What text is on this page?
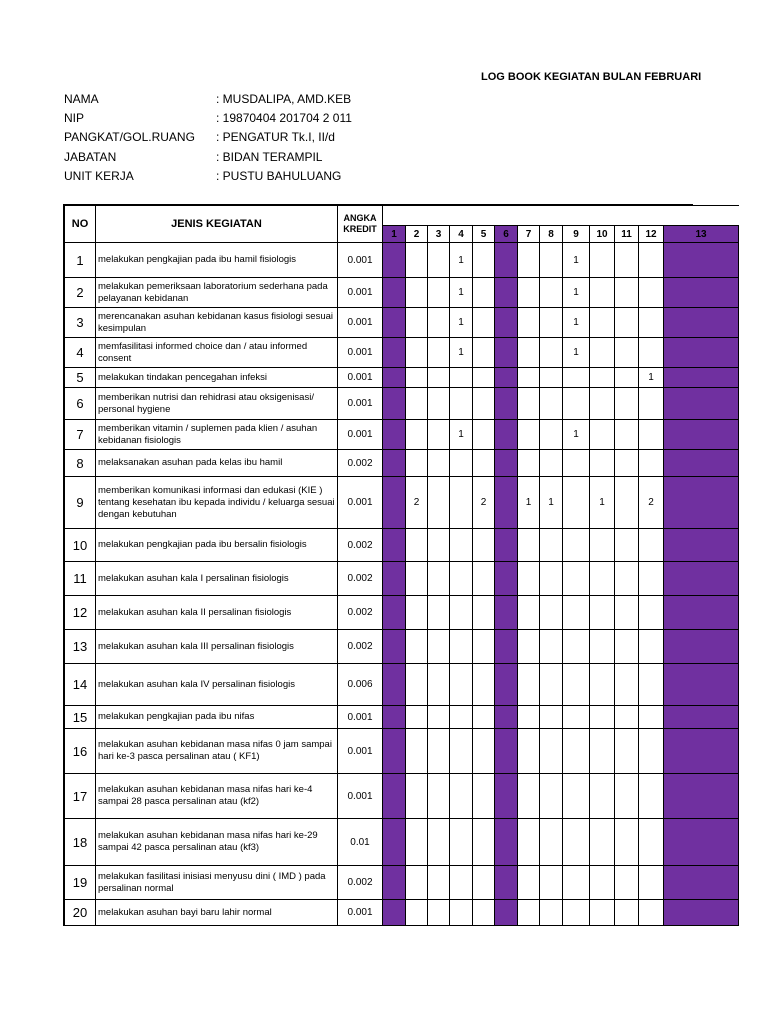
LOG BOOK KEGIATAN BULAN FEBRUARI
NAMA	: MUSDALIPA, AMD.KEB
NIP	: 19870404 201704 2 011
PANGKAT/GOL.RUANG : PENGATUR Tk.I, II/d
JABATAN	: BIDAN TERAMPIL
UNIT KERJA	: PUSTU BAHULUANG
NO	JENIS KEGIATAN	ANGKA KREDIT														
			1	2	3	4	5	6	7	8	9	10	11	12	13	
1	melakukan pengkajian pada ibu hamil fisiologis	0.001				1					1					
2	melakukan pemeriksaan laboratorium sederhana pada pelayanan kebidanan	0.001				1					1					
3	merencanakan asuhan kebidanan kasus fisiologi sesuai kesimpulan	0.001				1					1					
4	memfasilitasi informed choice dan / atau informed consent	0.001				1					1					
5	melakukan tindakan pencegahan infeksi	0.001												1		
6	memberikan nutrisi dan rehidrasi atau oksigenisasi/ personal hygiene	0.001														
7	memberikan vitamin / suplemen pada klien / asuhan kebidanan fisiologis	0.001				1					1					
8	melaksanakan asuhan pada kelas ibu hamil	0.002														
9	memberikan komunikasi informasi dan edukasi (KIE ) tentang kesehatan ibu kepada individu / keluarga sesuai dengan kebutuhan	0.001		2			2		1	1		1		2		
10	melakukan pengkajian pada ibu bersalin fisiologis	0.002														
11	melakukan asuhan kala I persalinan fisiologis	0.002														
12	melakukan asuhan kala II persalinan fisiologis	0.002														
13	melakukan asuhan kala III persalinan fisiologis	0.002														
14	melakukan asuhan kala IV persalinan fisiologis	0.006														
15	melakukan pengkajian pada ibu nifas	0.001														
16	melakukan asuhan kebidanan masa nifas 0 jam sampai hari ke-3 pasca persalinan atau ( KF1)	0.001														
17	melakukan asuhan kebidanan masa nifas hari ke-4 sampai 28 pasca persalinan atau (kf2)	0.001														
18	melakukan asuhan kebidanan masa nifas hari ke-29 sampai 42 pasca persalinan atau (kf3)	0.01														
19	melakukan fasilitasi inisiasi menyusu dini ( IMD ) pada persalinan normal	0.002														
20	melakukan asuhan bayi baru lahir normal	0.001														
